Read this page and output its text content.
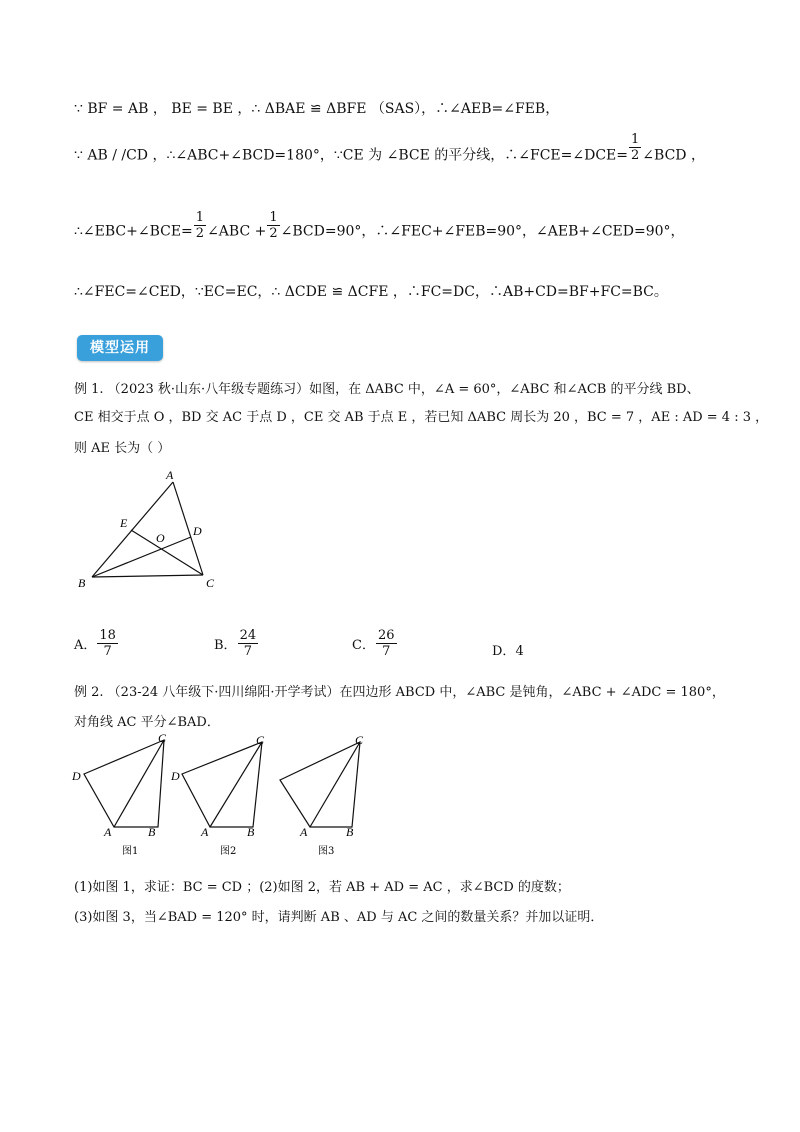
∵ BF = AB ， BE = BE ，∴ ΔBAE ≌ ΔBFE （SAS），∴∠AEB=∠FEB，
∵ AB / /CD ，∴∠ABC+∠BCD=180°，∵CE 为 ∠BCE 的平分线，∴∠FCE=∠DCE= $\frac{1}{2}$ ∠BCD ，
∴∠EBC+∠BCE= $\frac{1}{2}$ ∠ABC + $\frac{1}{2}$ ∠BCD=90°，∴∠FEC+∠FEB=90°，∠AEB+∠CED=90°，
∴∠FEC=∠CED，∵EC=EC，∴ ΔCDE ≌ ΔCFE ，∴FC=DC，∴AB+CD=BF+FC=BC。
模型运用
例 1. （2023 秋·山东·八年级专题练习）如图，在 ΔABC 中，∠A = 60°，∠ABC 和∠ACB 的平分线 BD、
CE 相交于点 O ，BD 交 AC 于点 D ，CE 交 AB 于点 E ，若已知 ΔABC 周长为 20 ，BC = 7 ，AE : AD = 4 : 3 ，
则 AE 长为（ ）
A
B	C
D
E
O
A． $\frac{18}{7}$	B． $\frac{24}{7}$	C． $\frac{26}{7}$	D．4
例 2. （23-24 八年级下·四川绵阳·开学考试）在四边形 ABCD 中，∠ABC 是钝角，∠ABC + ∠ADC = 180°，
对角线 AC 平分∠BAD．
C
D
A	B
图1
C
D
A	B
图2
C
A	B
图3
(1)如图 1，求证：BC = CD ；(2)如图 2，若 AB + AD = AC ，求∠BCD 的度数；
(3)如图 3，当∠BAD = 120° 时，请判断 AB 、AD 与 AC 之间的数量关系？并加以证明．
